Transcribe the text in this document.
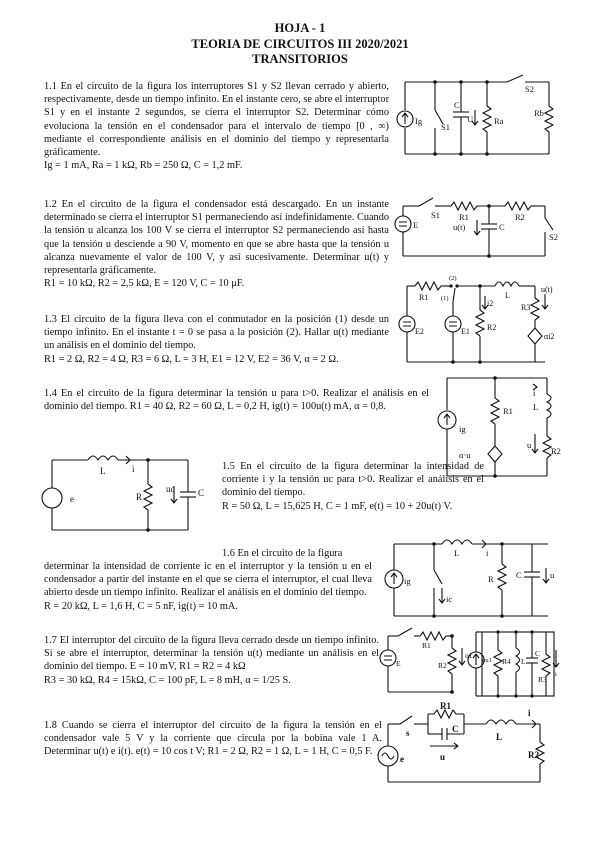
HOJA - 1
TEORIA DE CIRCUITOS III 2020/2021
TRANSITORIOS

1.1 En el circuito de la figura los interruptores S1 y S2 llevan cerrado y abierto, respectivamente, desde un tiempo infinito. En el instante cero, se abre el interruptor S1 y en el instante 2 segundos, se cierra el interruptor S2. Determinar cómo evoluciona la tensión en el condensador para el intervalo de tiempo [0 , ∞) mediante el correspondiente análisis en el dominio del tiempo y representarla gráficamente.

Ig = 1 mA, Ra = 1 kΩ, Rb = 250 Ω, C = 1,2 mF.

Ig
S1
C
U Ra
S2
Rb

1.2 En el circuito de la figura el condensador está descargado. En un instante determinado se cierra el interruptor S1 permaneciendo así indefinidamente. Cuando la tensión u alcanza los 100 V se cierra el interruptor S2 permaneciendo así hasta que la tensión u desciende a 90 V, momento en que se abre hasta que la tensión u alcanza nuevamente el valor de 100 V, y así sucesivamente. Determinar u(t) y representarla gráficamente.

R1 = 10 kΩ, R2 = 2,5 kΩ, E = 120 V, C = 10 μF.

S1 R1	R2
E	u(t)	C
S2

1.3 El circuito de la figura lleva con el conmutador en la posición (1) desde un tiempo infinito. En el instante t = 0 se pasa a la posición (2). Hallar u(t) mediante un análisis en el dominio del tiempo.

R1 = 2 Ω, R2 = 4 Ω, R3 = 6 Ω, L = 3 H, E1 = 12 V, E2 = 36 V, α = 2 Ω.

R1
(2)
(1)	L
R3
u(t)
E2	E1 R2
i2
αi2

1.4 En el circuito de la figura determinar la tensión u para t>0. Realizar el análisis en el dominio del tiempo. R1 = 40 Ω, R2 = 60 Ω, L = 0,2 H, ig(t) = 100u(t) mA, α = 0,8.

i
R1 L
ig
α·u
u
R2
L	i
e	R
uc	C

1.5 En el circuito de la figura determinar la intensidad de corriente i y la tensión uc para t>0. Realizar el análisis en el dominio del tiempo.

R = 50 Ω, L = 15,625 H, C = 1 mF, e(t) = 10 + 20u(t) V.

1.6 En el circuito de la figura

determinar la intensidad de corriente ic en el interruptor y la tensión u en el condensador a partir del instante en el que se cierra el interruptor, el cual lleva abierto desde un tiempo infinito. Realizar el análisis en el dominio del tiempo.

R = 20 kΩ, L = 1,6 H, C = 5 nF, ig(t) = 10 mA.

L	i
ig
ic
R	C	u

1.7 El interruptor del circuito de la figura lleva cerrado desde un tiempo infinito. Si se abre el interruptor, determinar la tensión u(t) mediante un análisis en el dominio del tiempo. E = 10 mV, R1 = R2 = 4 kΩ

R3 = 30 kΩ, R4 = 15kΩ, C = 100 pF, L = 8 mH, α = 1/25 S.

R1
E	R2
u1
αu1 R4 L
C
R3
u

1.8 Cuando se cierra el interruptor del circuito de la figura la tensión en el condensador vale 5 V y la corriente que circula por la bobina vale 1 A. Determinar u(t) e i(t). e(t) = 10 cos t V; R1 = 2 Ω, R2 = 1 Ω, L = 1 H, C = 0,5 F.

s
R1
C
L
i
e	u	R2
